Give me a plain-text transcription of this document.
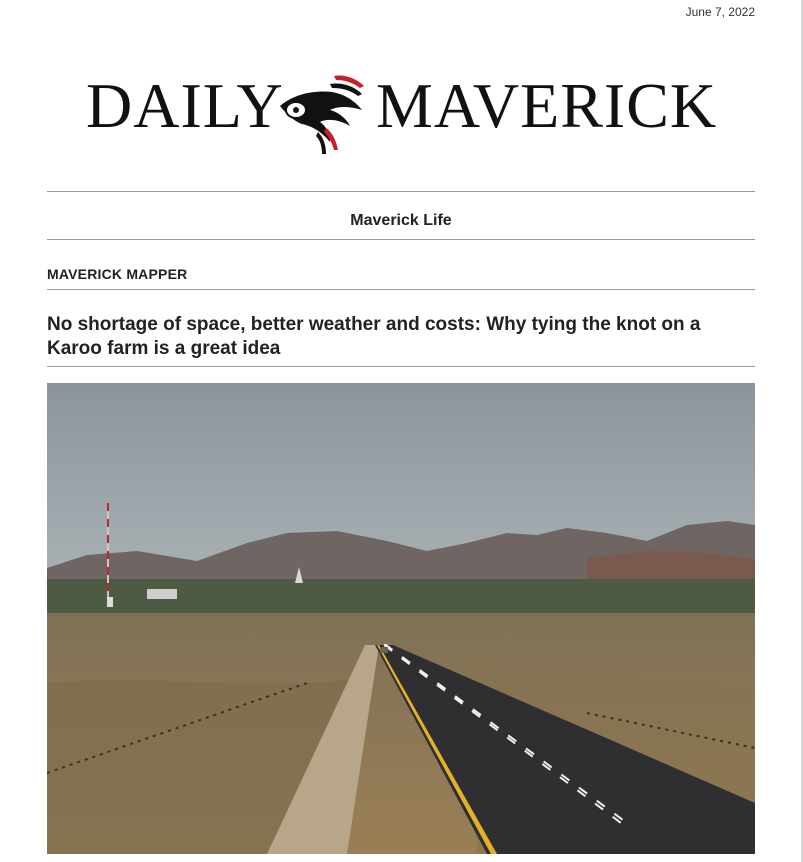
June 7, 2022
DAILY MAVERICK
Maverick Life
MAVERICK MAPPER
No shortage of space, better weather and costs: Why tying the knot on a Karoo farm is a great idea
